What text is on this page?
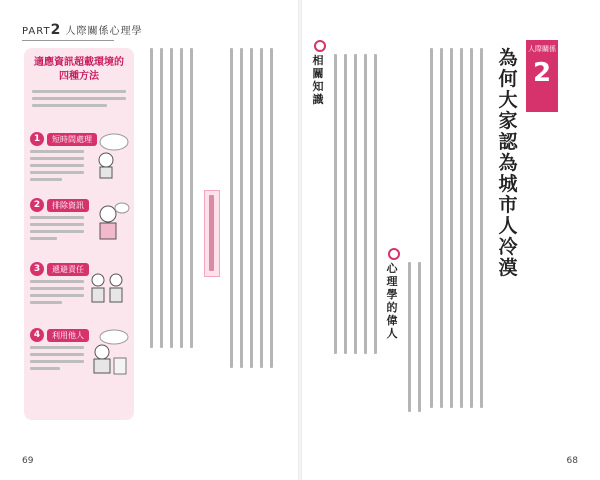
PART2 人際關係心理學
適應資訊超載環境的四種方法
1	短時間處理
2	排除資訊
3	遞避責任
4	利用他人
69
相關知識
心理學的偉人
為何大家認為城市人冷漠
人際關係
2
68
